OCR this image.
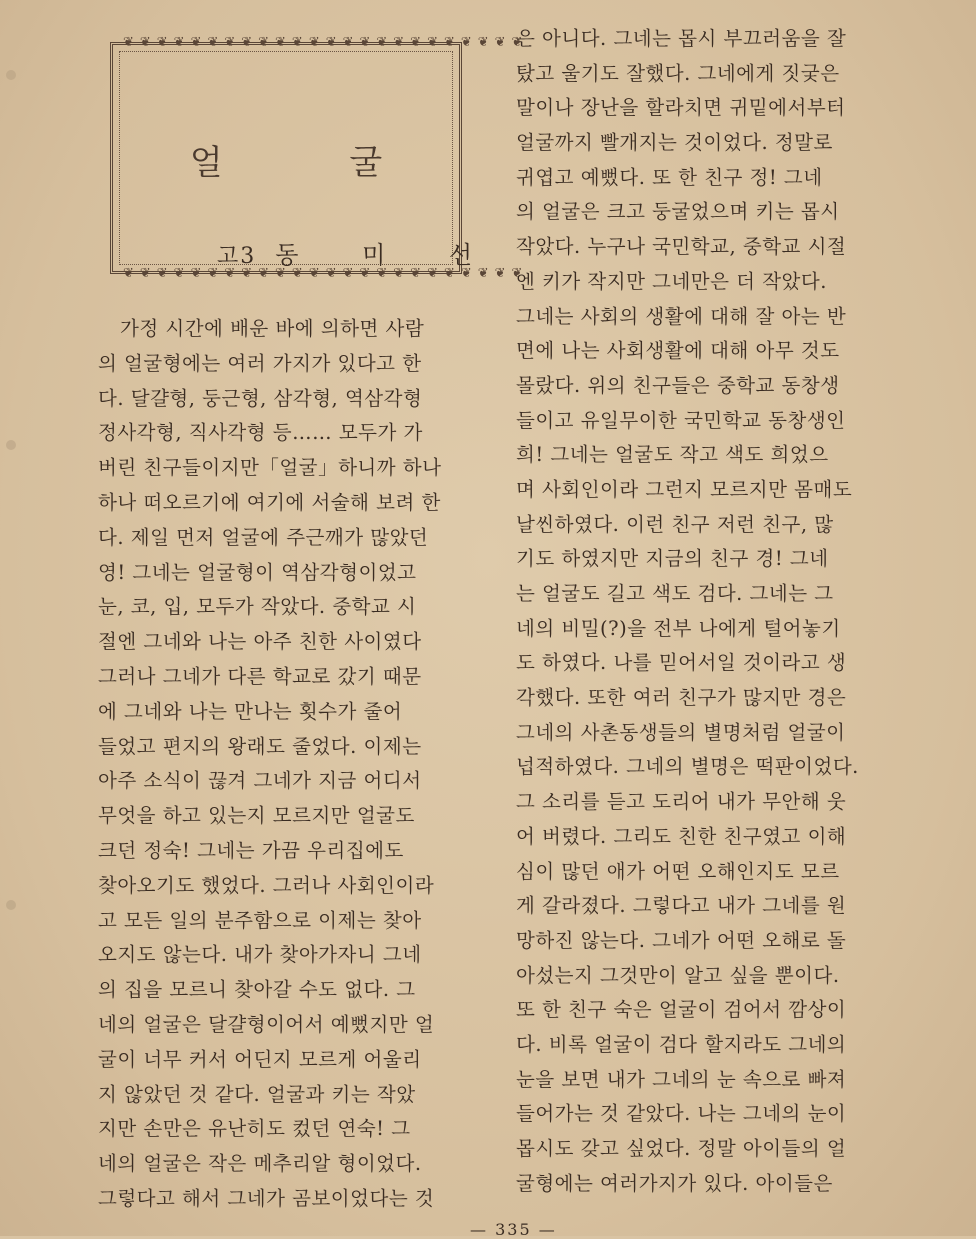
❦❦❦❦❦❦❦❦❦❦❦❦❦❦❦❦❦❦❦❦❦❦❦❦
❦❦❦❦❦❦❦❦❦❦❦❦❦❦❦❦❦❦❦❦❦❦❦❦
얼 굴
고3 동 미 선
가정 시간에 배운 바에 의하면 사람
의 얼굴형에는 여러 가지가 있다고 한
다. 달걀형, 둥근형, 삼각형, 역삼각형
정사각형, 직사각형 등…… 모두가 가
버린 친구들이지만「얼굴」하니까 하나
하나 떠오르기에 여기에 서술해 보려 한
다. 제일 먼저 얼굴에 주근깨가 많았던
영! 그네는 얼굴형이 역삼각형이었고
눈, 코, 입, 모두가 작았다. 중학교 시
절엔 그네와 나는 아주 친한 사이였다
그러나 그네가 다른 학교로 갔기 때문
에 그네와 나는 만나는 횟수가 줄어
들었고 편지의 왕래도 줄었다. 이제는
아주 소식이 끊겨 그네가 지금 어디서
무엇을 하고 있는지 모르지만 얼굴도
크던 정숙! 그네는 가끔 우리집에도
찾아오기도 했었다. 그러나 사회인이라
고 모든 일의 분주함으로 이제는 찾아
오지도 않는다. 내가 찾아가자니 그네
의 집을 모르니 찾아갈 수도 없다. 그
네의 얼굴은 달걀형이어서 예뻤지만 얼
굴이 너무 커서 어딘지 모르게 어울리
지 않았던 것 같다. 얼굴과 키는 작았
지만 손만은 유난히도 컸던 연숙! 그
네의 얼굴은 작은 메추리알 형이었다.
그렇다고 해서 그네가 곰보이었다는 것
은 아니다. 그네는 몹시 부끄러움을 잘
탔고 울기도 잘했다. 그네에게 짓궂은
말이나 장난을 할라치면 귀밑에서부터
얼굴까지 빨개지는 것이었다. 정말로
귀엽고 예뻤다. 또 한 친구 정! 그네
의 얼굴은 크고 둥굴었으며 키는 몹시
작았다. 누구나 국민학교, 중학교 시절
엔 키가 작지만 그네만은 더 작았다.
그네는 사회의 생활에 대해 잘 아는 반
면에 나는 사회생활에 대해 아무 것도
몰랐다. 위의 친구들은 중학교 동창생
들이고 유일무이한 국민학교 동창생인
희! 그네는 얼굴도 작고 색도 희었으
며 사회인이라 그런지 모르지만 몸매도
날씬하였다. 이런 친구 저런 친구, 많
기도 하였지만 지금의 친구 경! 그네
는 얼굴도 길고 색도 검다. 그네는 그
네의 비밀(?)을 전부 나에게 털어놓기
도 하였다. 나를 믿어서일 것이라고 생
각했다. 또한 여러 친구가 많지만 경은
그네의 사촌동생들의 별명처럼 얼굴이
넙적하였다. 그네의 별명은 떡판이었다.
그 소리를 듣고 도리어 내가 무안해 웃
어 버렸다. 그리도 친한 친구였고 이해
심이 많던 애가 어떤 오해인지도 모르
게 갈라졌다. 그렇다고 내가 그네를 원
망하진 않는다. 그네가 어떤 오해로 돌
아섰는지 그것만이 알고 싶을 뿐이다.
또 한 친구 숙은 얼굴이 검어서 깜상이
다. 비록 얼굴이 검다 할지라도 그네의
눈을 보면 내가 그네의 눈 속으로 빠져
들어가는 것 같았다. 나는 그네의 눈이
몹시도 갖고 싶었다. 정말 아이들의 얼
굴형에는 여러가지가 있다. 아이들은
— 335 —
